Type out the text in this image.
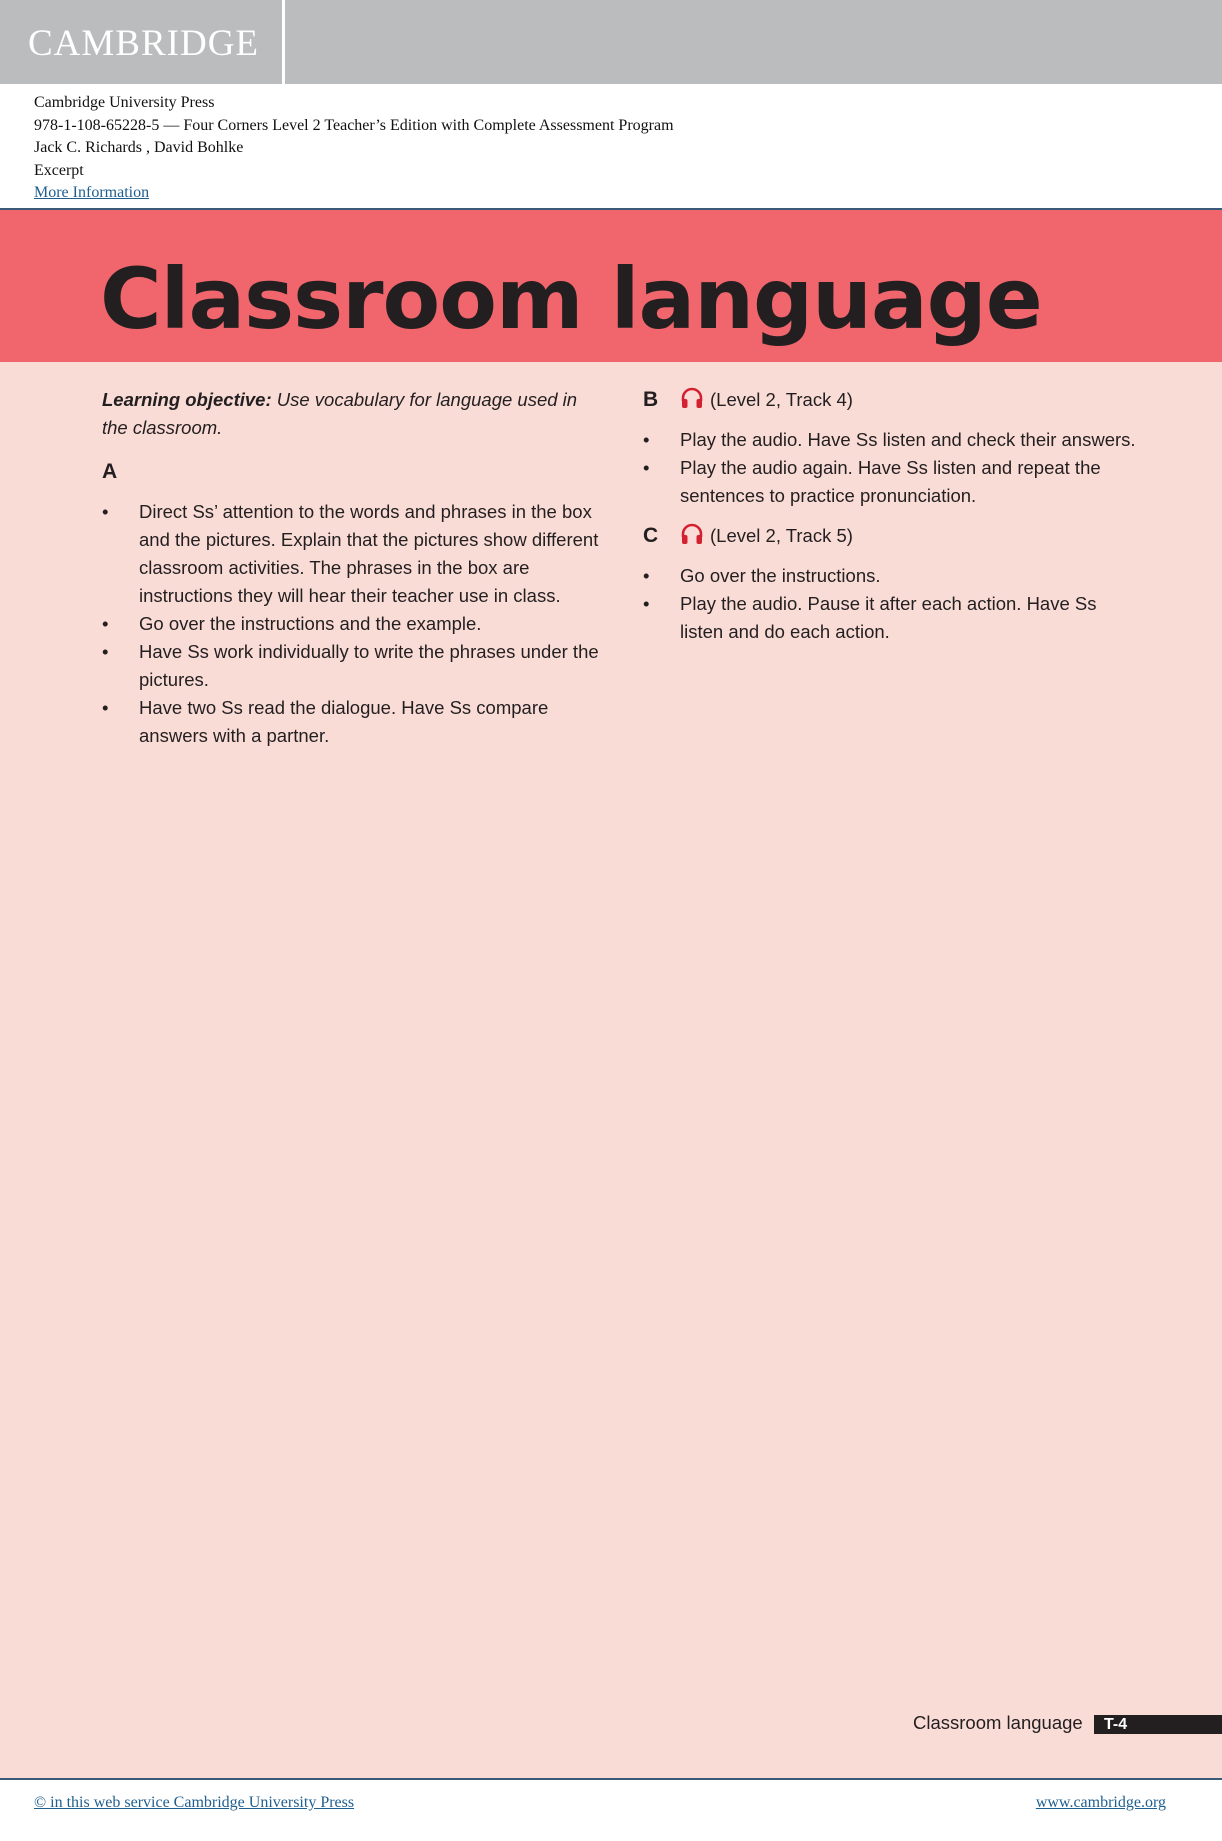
CAMBRIDGE
Cambridge University Press
978-1-108-65228-5 — Four Corners Level 2 Teacher’s Edition with Complete Assessment Program
Jack C. Richards , David Bohlke
Excerpt
More Information
Classroom language

Learning objective: Use vocabulary for language used in the classroom.

A
• Direct Ss’ attention to the words and phrases in the box and the pictures. Explain that the pictures show different classroom activities. The phrases in the box are instructions they will hear their teacher use in class.
• Go over the instructions and the example.
• Have Ss work individually to write the phrases under the pictures.
• Have two Ss read the dialogue. Have Ss compare answers with a partner.
B	(Level 2, Track 4)
• Play the audio. Have Ss listen and check their answers.
• Play the audio again. Have Ss listen and repeat the sentences to practice pronunciation.
C	(Level 2, Track 5)
• Go over the instructions.
• Play the audio. Pause it after each action. Have Ss listen and do each action.
Classroom language	T-4
© in this web service Cambridge University Press	www.cambridge.org
